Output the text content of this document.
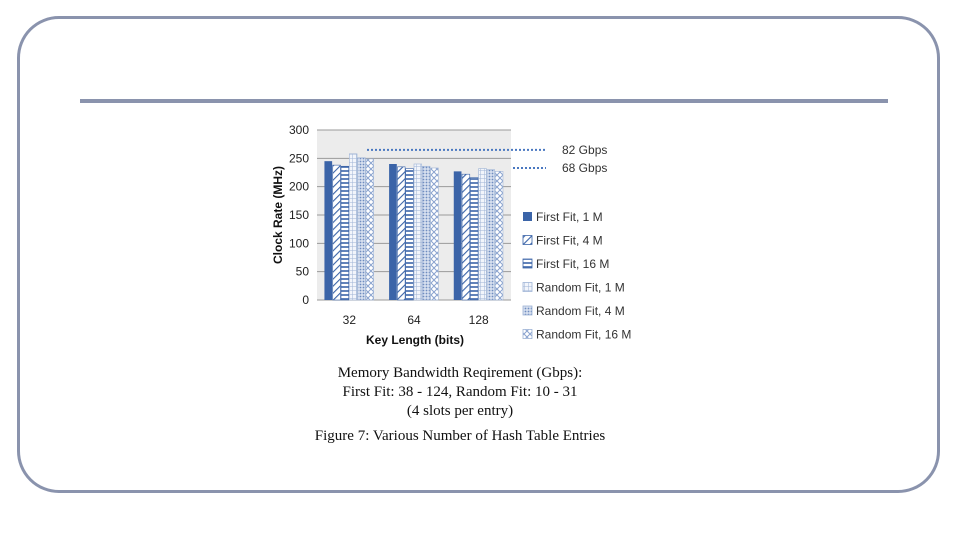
0
50
100
150
200
250
300
32	64	128
82 Gbps
68 Gbps
First Fit, 1 M
First Fit, 4 M
First Fit, 16 M
Random Fit, 1 M
Random Fit, 4 M
Random Fit, 16 M
Clock Rate (MHz)
Key Length (bits)
Memory Bandwidth Reqirement (Gbps):
First Fit: 38 - 124, Random Fit: 10 - 31
(4 slots per entry)
Figure 7: Various Number of Hash Table Entries
